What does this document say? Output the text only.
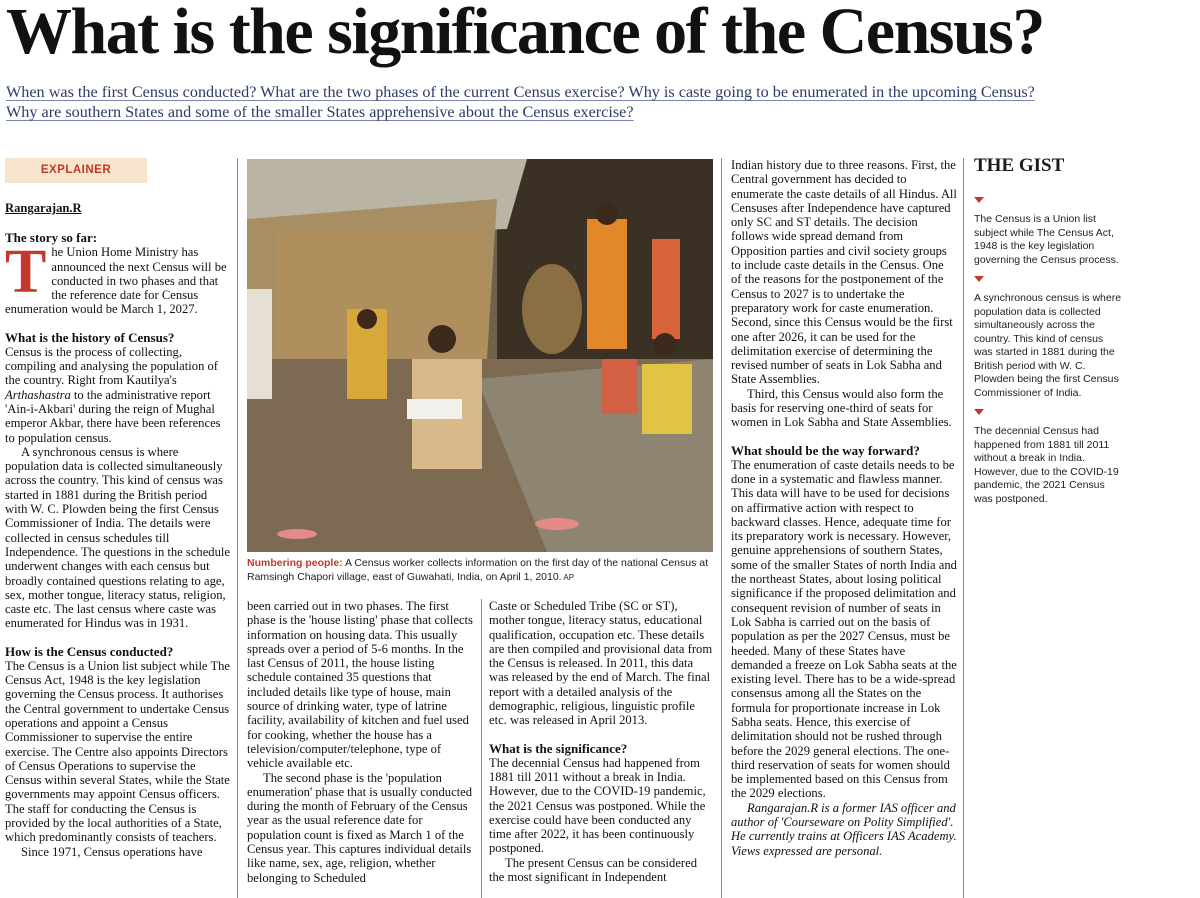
What is the significance of the Census?
When was the first Census conducted? What are the two phases of the current Census exercise? Why is caste going to be enumerated in the upcoming Census?
Why are southern States and some of the smaller States apprehensive about the Census exercise?
EXPLAINER
Rangarajan.R
The story so far:

The Union Home Ministry has announced the next Census will be conducted in two phases and that the reference date for Census enumeration would be March 1, 2027.

What is the history of Census?

Census is the process of collecting, compiling and analysing the population of the country. Right from Kautilya's Arthashastra to the administrative report 'Ain-i-Akbari' during the reign of Mughal emperor Akbar, there have been references to population census.

A synchronous census is where population data is collected simultaneously across the country. This kind of census was started in 1881 during the British period with W. C. Plowden being the first Census Commissioner of India. The details were collected in census schedules till Independence. The questions in the schedule underwent changes with each census but broadly contained questions relating to age, sex, mother tongue, literacy status, religion, caste etc. The last census where caste was enumerated for Hindus was in 1931.

How is the Census conducted?

The Census is a Union list subject while The Census Act, 1948 is the key legislation governing the Census process. It authorises the Central government to undertake Census operations and appoint a Census Commissioner to supervise the entire exercise. The Centre also appoints Directors of Census Operations to supervise the Census within several States, while the State governments may appoint Census officers. The staff for conducting the Census is provided by the local authorities of a State, which predominantly consists of teachers.

Since 1971, Census operations have

Numbering people: A Census worker collects information on the first day of the national Census at Ramsingh Chapori village, east of Guwahati, India, on April 1, 2010. AP

been carried out in two phases. The first phase is the 'house listing' phase that collects information on housing data. This usually spreads over a period of 5-6 months. In the last Census of 2011, the house listing schedule contained 35 questions that included details like type of house, main source of drinking water, type of latrine facility, availability of kitchen and fuel used for cooking, whether the house has a television/computer/telephone, type of vehicle available etc.

The second phase is the 'population enumeration' phase that is usually conducted during the month of February of the Census year as the usual reference date for population count is fixed as March 1 of the Census year. This captures individual details like name, sex, age, religion, whether belonging to Scheduled

Caste or Scheduled Tribe (SC or ST), mother tongue, literacy status, educational qualification, occupation etc. These details are then compiled and provisional data from the Census is released. In 2011, this data was released by the end of March. The final report with a detailed analysis of the demographic, religious, linguistic profile etc. was released in April 2013.

What is the significance?

The decennial Census had happened from 1881 till 2011 without a break in India. However, due to the COVID-19 pandemic, the 2021 Census was postponed. While the exercise could have been conducted any time after 2022, it has been continuously postponed.

The present Census can be considered the most significant in Independent

Indian history due to three reasons. First, the Central government has decided to enumerate the caste details of all Hindus. All Censuses after Independence have captured only SC and ST details. The decision follows wide spread demand from Opposition parties and civil society groups to include caste details in the Census. One of the reasons for the postponement of the Census to 2027 is to undertake the preparatory work for caste enumeration. Second, since this Census would be the first one after 2026, it can be used for the delimitation exercise of determining the revised number of seats in Lok Sabha and State Assemblies.

Third, this Census would also form the basis for reserving one-third of seats for women in Lok Sabha and State Assemblies.

What should be the way forward?

The enumeration of caste details needs to be done in a systematic and flawless manner. This data will have to be used for decisions on affirmative action with respect to backward classes. Hence, adequate time for its preparatory work is necessary. However, genuine apprehensions of southern States, some of the smaller States of north India and the northeast States, about losing political significance if the proposed delimitation and consequent revision of number of seats in Lok Sabha is carried out on the basis of population as per the 2027 Census, must be heeded. Many of these States have demanded a freeze on Lok Sabha seats at the existing level. There has to be a wide-spread consensus among all the States on the formula for proportionate increase in Lok Sabha seats. Hence, this exercise of delimitation should not be rushed through before the 2029 general elections. The one-third reservation of seats for women should be implemented based on this Census from the 2029 elections.

Rangarajan.R is a former IAS officer and author of 'Courseware on Polity Simplified'. He currently trains at Officers IAS Academy. Views expressed are personal.

THE GIST
The Census is a Union list subject while The Census Act, 1948 is the key legislation governing the Census process.
A synchronous census is where population data is collected simultaneously across the country. This kind of census was started in 1881 during the British period with W. C. Plowden being the first Census Commissioner of India.
The decennial Census had happened from 1881 till 2011 without a break in India. However, due to the COVID-19 pandemic, the 2021 Census was postponed.
